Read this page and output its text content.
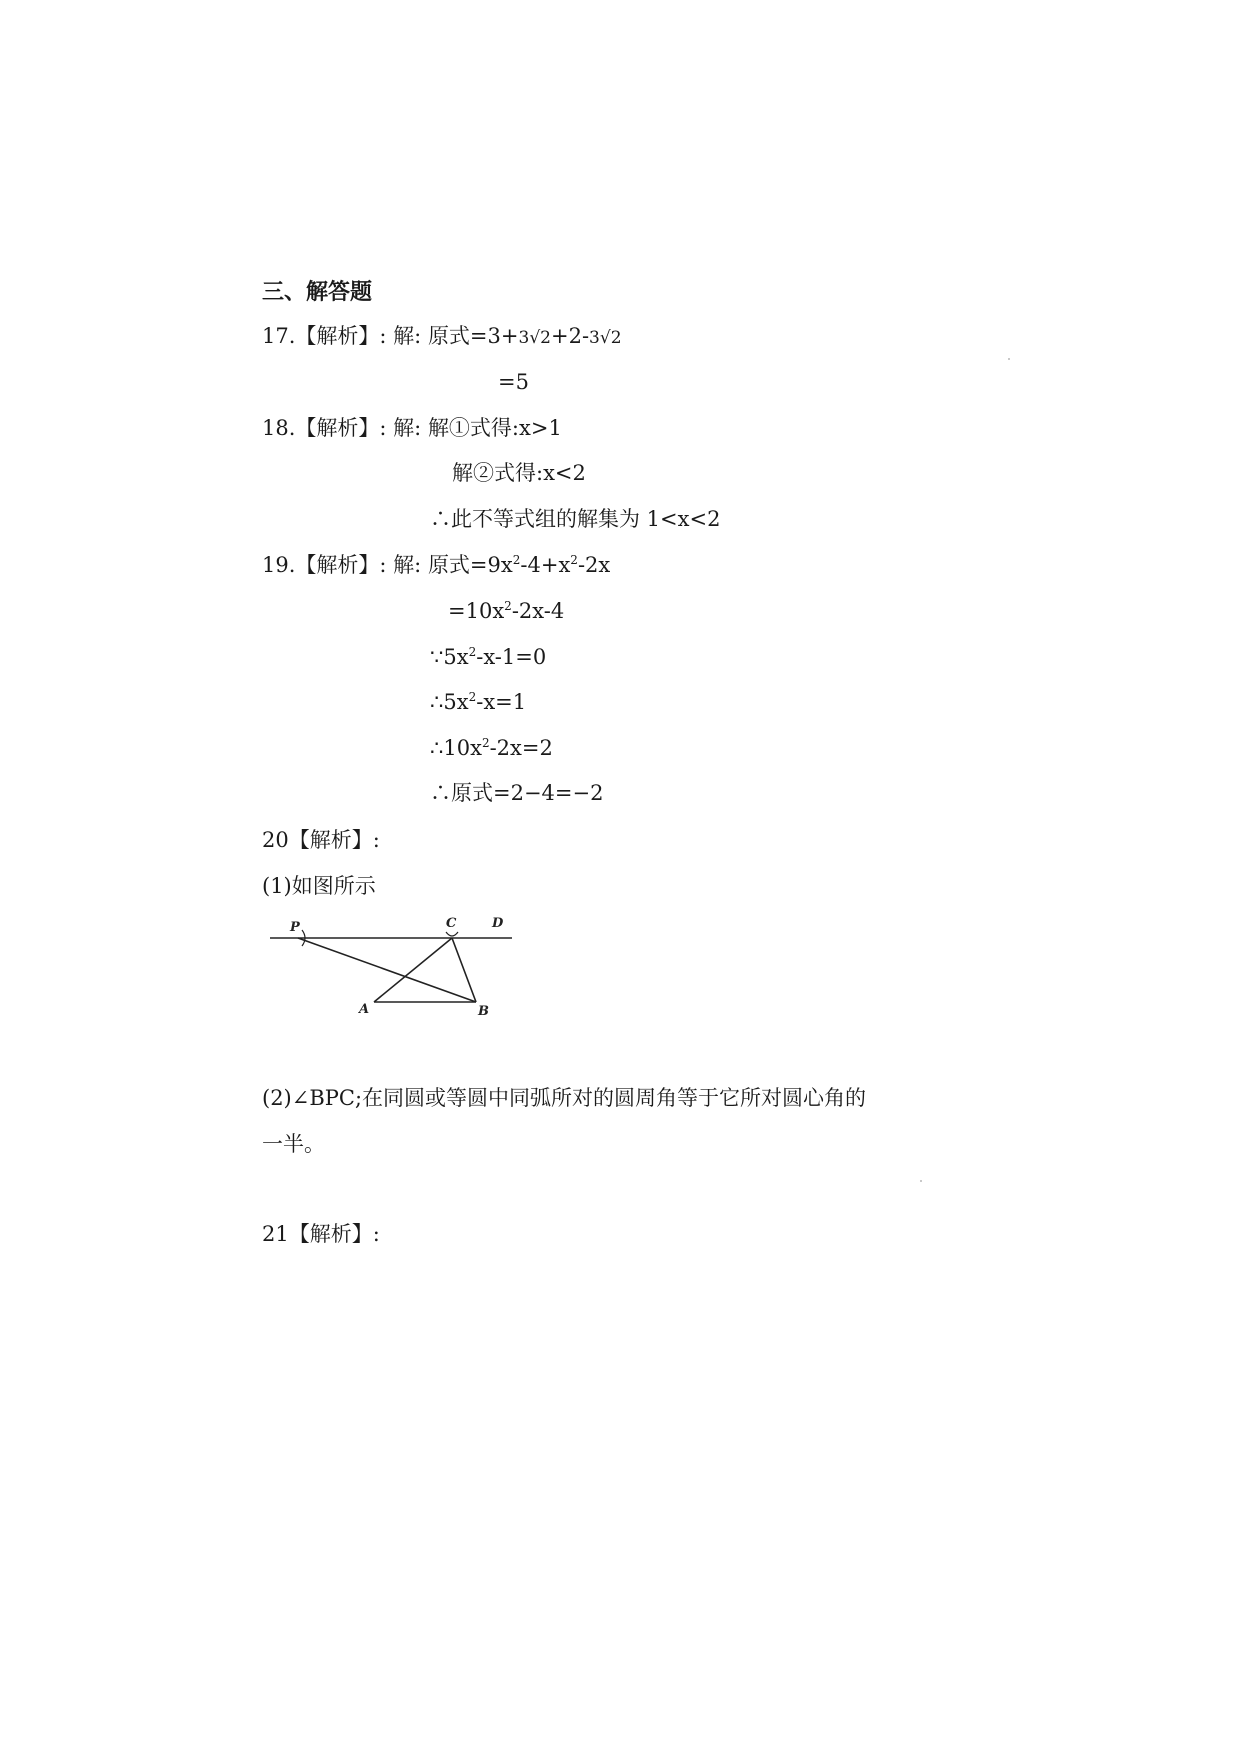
三、解答题
17.【解析】: 解: 原式=3+3√2+2-3√2
=5
18.【解析】: 解: 解①式得:x>1
解②式得:x<2
∴此不等式组的解集为 1<x<2
19.【解析】: 解: 原式$=9x^2-4+x^2-2x$
$=10x^2-2x-4$
$\because 5x^2-x-1=0$
$\therefore 5x^2-x=1$
$\therefore 10x^2-2x=2$
∴原式=2−4=−2
20【解析】:
(1)如图所示
P	C	D
A	B
(2)∠BPC;在同圆或等圆中同弧所对的圆周角等于它所对圆心角的
一半。
21【解析】:
